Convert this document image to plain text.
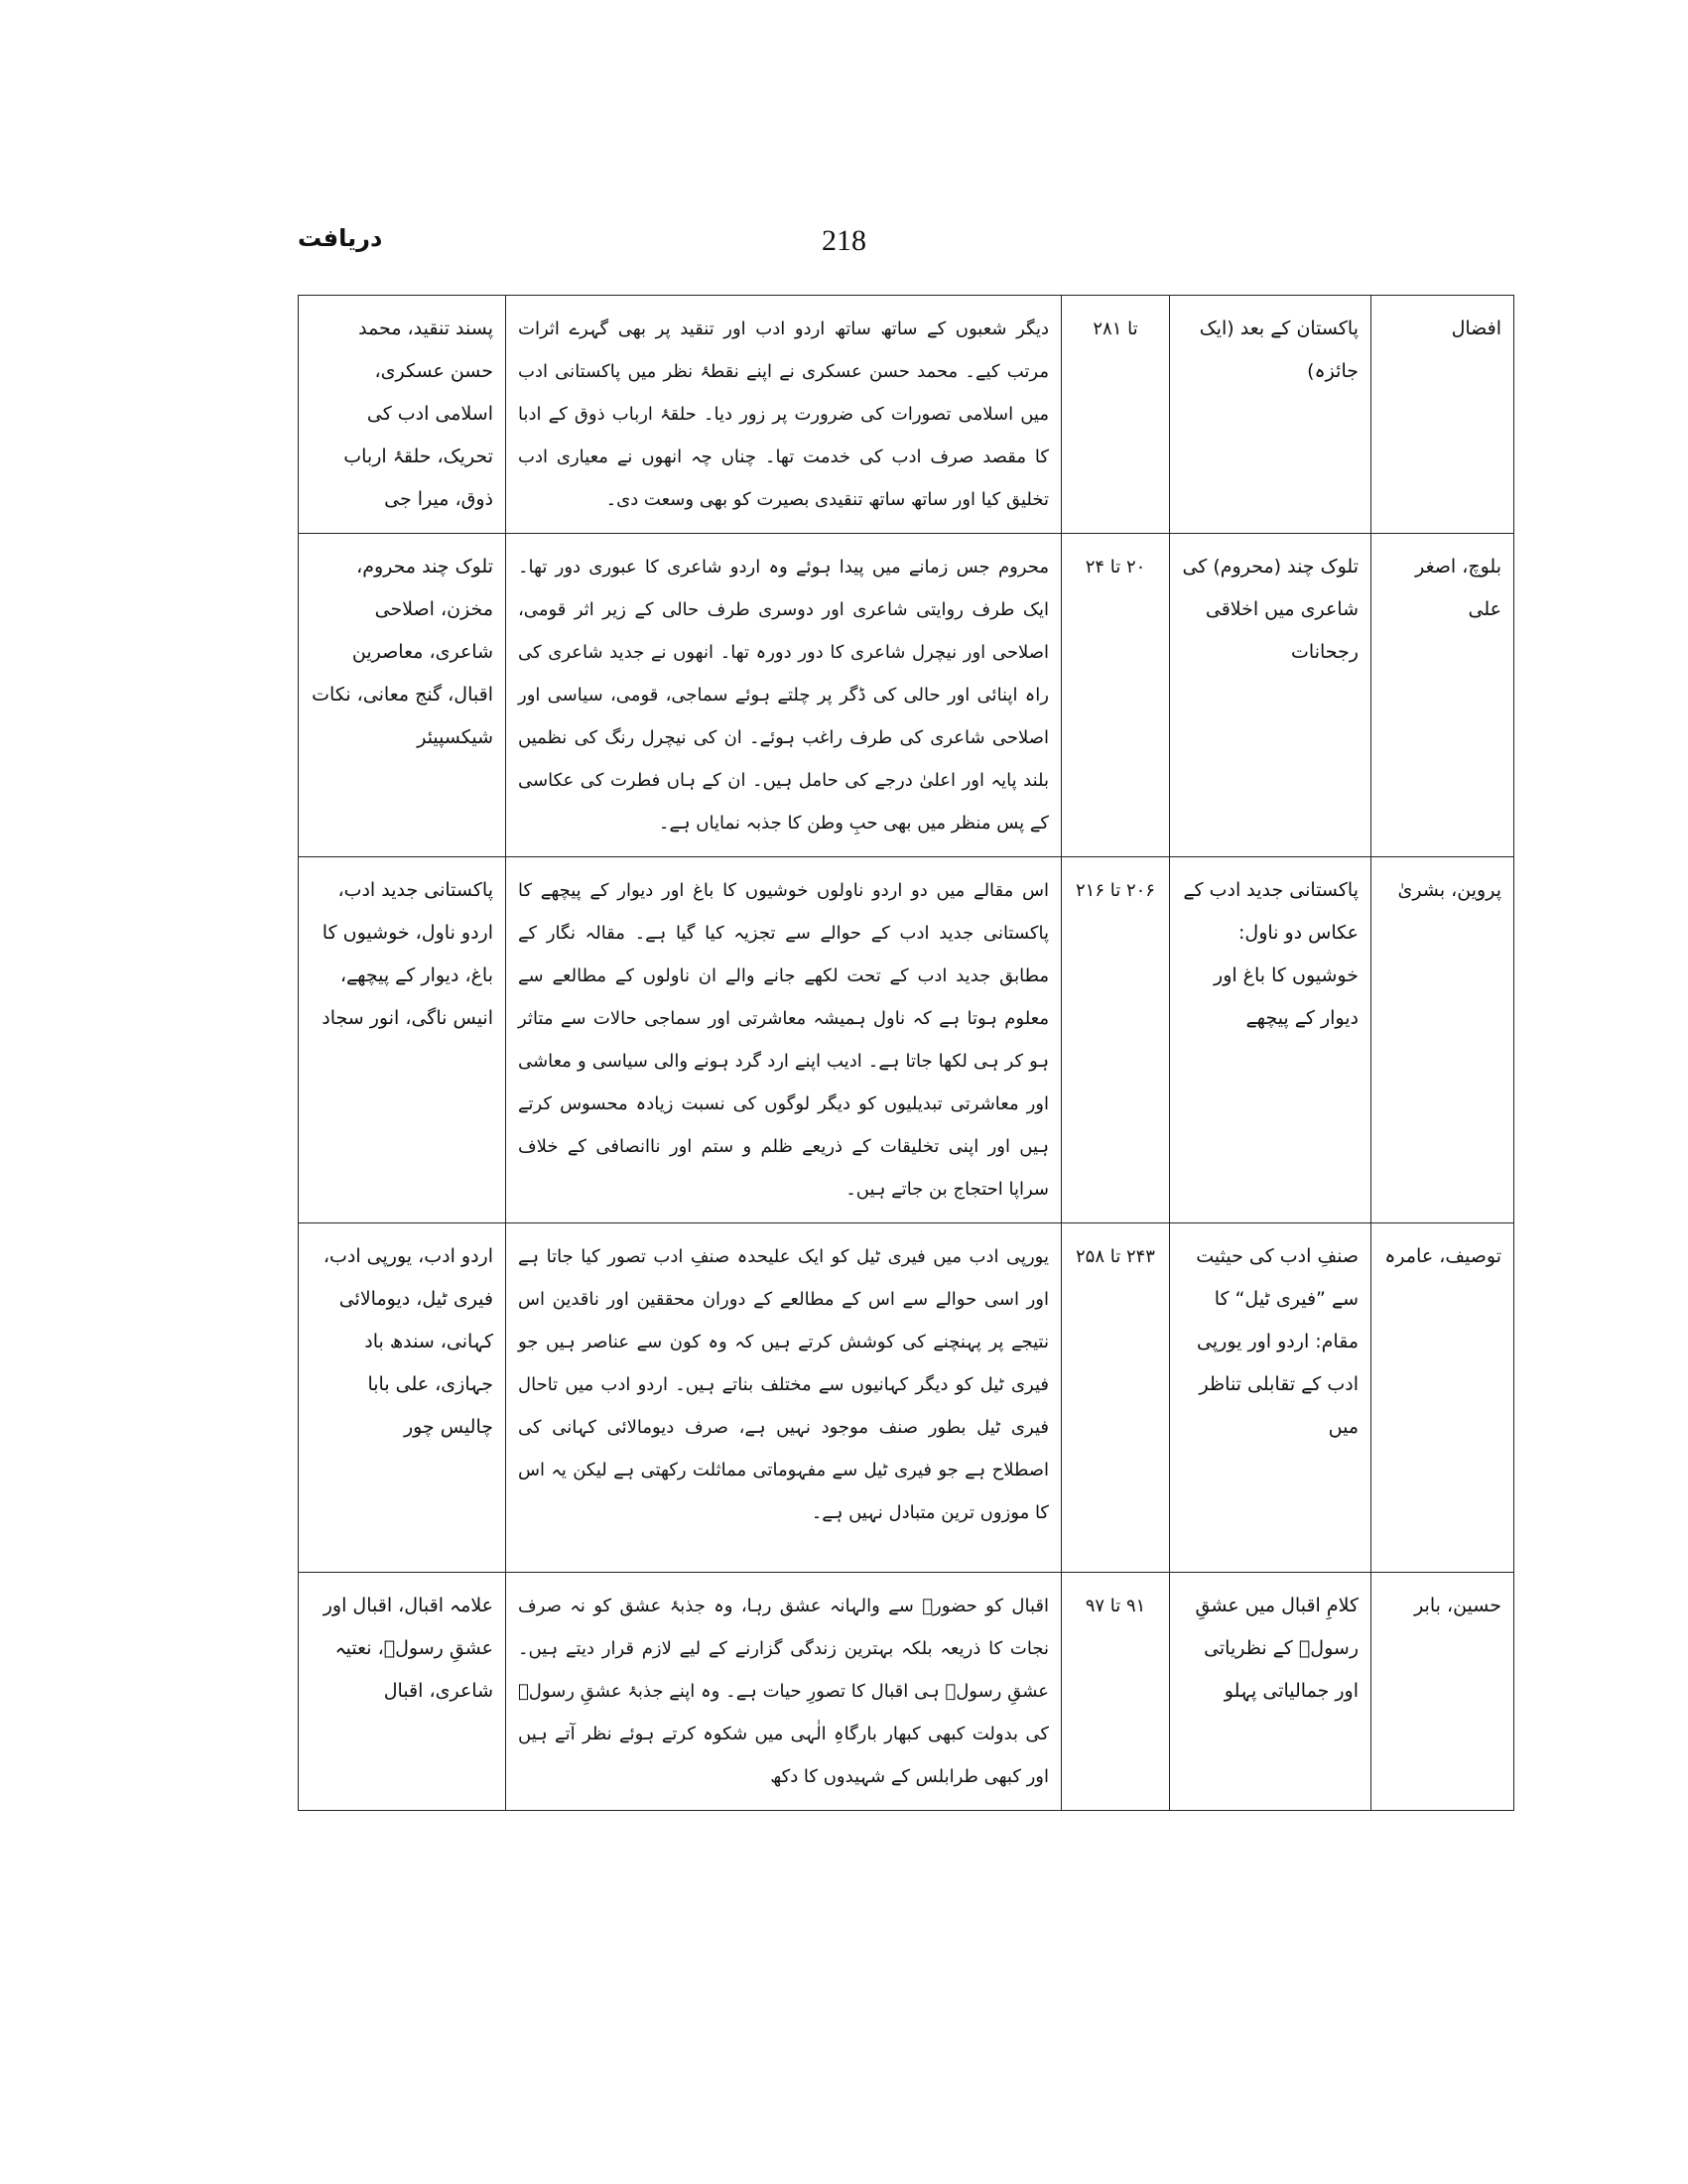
218

دریافت

افضال	پاکستان کے بعد (ایک جائزہ)	تا ۲۸۱	دیگر شعبوں کے ساتھ ساتھ اردو ادب اور تنقید پر بھی گہرے اثرات مرتب کیے۔ محمد حسن عسکری نے اپنے نقطۂ نظر میں پاکستانی ادب میں اسلامی تصورات کی ضرورت پر زور دیا۔ حلقۂ ارباب ذوق کے ادبا کا مقصد صرف ادب کی خدمت تھا۔ چناں چہ انھوں نے معیاری ادب تخلیق کیا اور ساتھ ساتھ تنقیدی بصیرت کو بھی وسعت دی۔	پسند تنقید، محمد حسن عسکری، اسلامی ادب کی تحریک، حلقۂ ارباب ذوق، میرا جی
بلوچ، اصغر علی	تلوک چند (محروم) کی شاعری میں اخلاقی رجحانات	۲۰ تا ۲۴	محروم جس زمانے میں پیدا ہوئے وہ اردو شاعری کا عبوری دور تھا۔ ایک طرف روایتی شاعری اور دوسری طرف حالی کے زیر اثر قومی، اصلاحی اور نیچرل شاعری کا دور دورہ تھا۔ انھوں نے جدید شاعری کی راہ اپنائی اور حالی کی ڈگر پر چلتے ہوئے سماجی، قومی، سیاسی اور اصلاحی شاعری کی طرف راغب ہوئے۔ ان کی نیچرل رنگ کی نظمیں بلند پایہ اور اعلیٰ درجے کی حامل ہیں۔ ان کے ہاں فطرت کی عکاسی کے پس منظر میں بھی حبِ وطن کا جذبہ نمایاں ہے۔	تلوک چند محروم، مخزن، اصلاحی شاعری، معاصرین اقبال، گنج معانی، نکات شیکسپیئر
پروین، بشریٰ	پاکستانی جدید ادب کے عکاس دو ناول: خوشیوں کا باغ اور دیوار کے پیچھے	۲۰۶ تا ۲۱۶	اس مقالے میں دو اردو ناولوں خوشیوں کا باغ اور دیوار کے پیچھے کا پاکستانی جدید ادب کے حوالے سے تجزیہ کیا گیا ہے۔ مقالہ نگار کے مطابق جدید ادب کے تحت لکھے جانے والے ان ناولوں کے مطالعے سے معلوم ہوتا ہے کہ ناول ہمیشہ معاشرتی اور سماجی حالات سے متاثر ہو کر ہی لکھا جاتا ہے۔ ادیب اپنے ارد گرد ہونے والی سیاسی و معاشی اور معاشرتی تبدیلیوں کو دیگر لوگوں کی نسبت زیادہ محسوس کرتے ہیں اور اپنی تخلیقات کے ذریعے ظلم و ستم اور ناانصافی کے خلاف سراپا احتجاج بن جاتے ہیں۔	پاکستانی جدید ادب، اردو ناول، خوشیوں کا باغ، دیوار کے پیچھے، انیس ناگی، انور سجاد
توصیف، عامرہ	صنفِ ادب کی حیثیت سے ”فیری ٹیل“ کا مقام: اردو اور یورپی ادب کے تقابلی تناظر میں	۲۴۳ تا ۲۵۸	یورپی ادب میں فیری ٹیل کو ایک علیحدہ صنفِ ادب تصور کیا جاتا ہے اور اسی حوالے سے اس کے مطالعے کے دوران محققین اور ناقدین اس نتیجے پر پہنچنے کی کوشش کرتے ہیں کہ وہ کون سے عناصر ہیں جو فیری ٹیل کو دیگر کہانیوں سے مختلف بناتے ہیں۔ اردو ادب میں تاحال فیری ٹیل بطور صنف موجود نہیں ہے، صرف دیومالائی کہانی کی اصطلاح ہے جو فیری ٹیل سے مفہوماتی مماثلت رکھتی ہے لیکن یہ اس کا موزوں ترین متبادل نہیں ہے۔	اردو ادب، یورپی ادب، فیری ٹیل، دیومالائی کہانی، سندھ باد جہازی، علی بابا چالیس چور
حسین، بابر	کلامِ اقبال میں عشقِ رسولؐ کے نظریاتی اور جمالیاتی پہلو	۹۱ تا ۹۷	اقبال کو حضورؐ سے والہانہ عشق رہا، وہ جذبۂ عشق کو نہ صرف نجات کا ذریعہ بلکہ بہترین زندگی گزارنے کے لیے لازم قرار دیتے ہیں۔ عشقِ رسولؐ ہی اقبال کا تصورِ حیات ہے۔ وہ اپنے جذبۂ عشقِ رسولؐ کی بدولت کبھی کبھار بارگاہِ الٰہی میں شکوہ کرتے ہوئے نظر آتے ہیں اور کبھی طرابلس کے شہیدوں کا دکھ	علامہ اقبال، اقبال اور عشقِ رسولؐ، نعتیہ شاعری، اقبال
